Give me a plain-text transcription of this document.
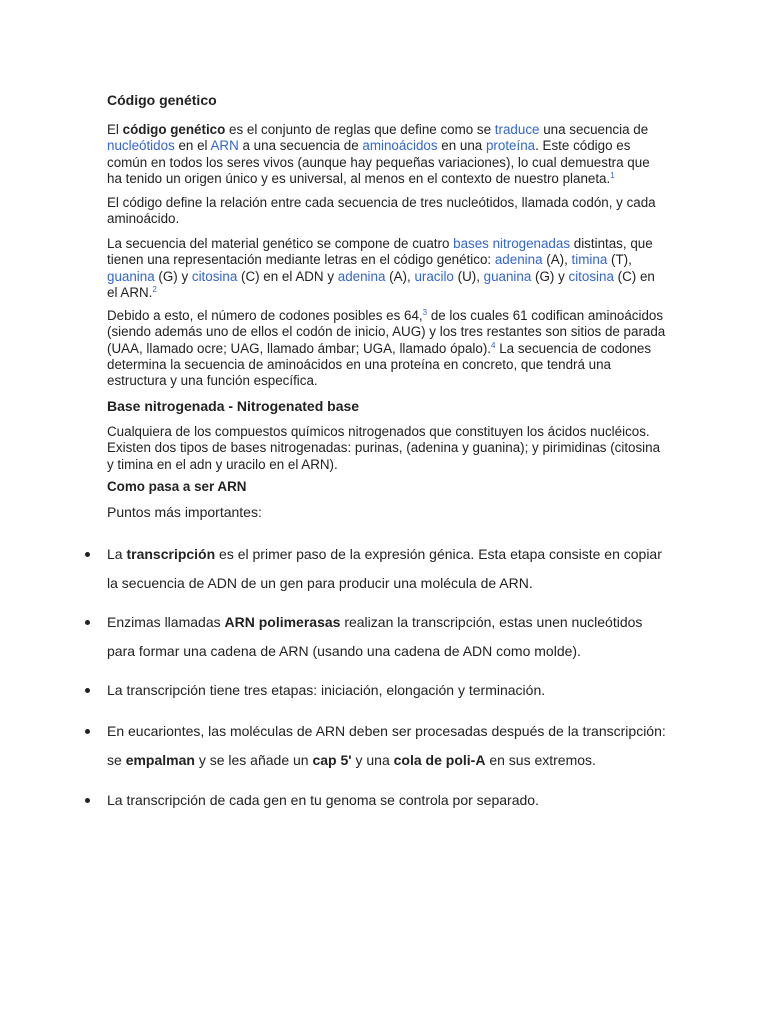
Código genético

El código genético es el conjunto de reglas que define como se traduce una secuencia de nucleótidos en el ARN a una secuencia de aminoácidos en una proteína. Este código es común en todos los seres vivos (aunque hay pequeñas variaciones), lo cual demuestra que ha tenido un origen único y es universal, al menos en el contexto de nuestro planeta.$^1$

El código define la relación entre cada secuencia de tres nucleótidos, llamada codón, y cada aminoácido.

La secuencia del material genético se compone de cuatro bases nitrogenadas distintas, que tienen una representación mediante letras en el código genético: adenina (A), timina (T), guanina (G) y citosina (C) en el ADN y adenina (A), uracilo (U), guanina (G) y citosina (C) en el ARN.$^2$

Debido a esto, el número de codones posibles es 64,$^3$ de los cuales 61 codifican aminoácidos (siendo además uno de ellos el codón de inicio, AUG) y los tres restantes son sitios de parada (UAA, llamado ocre; UAG, llamado ámbar; UGA, llamado ópalo).$^4$ La secuencia de codones determina la secuencia de aminoácidos en una proteína en concreto, que tendrá una estructura y una función específica.

Base nitrogenada - Nitrogenated base

Cualquiera de los compuestos químicos nitrogenados que constituyen los ácidos nucléicos. Existen dos tipos de bases nitrogenadas: purinas, (adenina y guanina); y pirimidinas (citosina y timina en el adn y uracilo en el ARN).

Como pasa a ser ARN

Puntos más importantes:

La transcripción es el primer paso de la expresión génica. Esta etapa consiste en copiar la secuencia de ADN de un gen para producir una molécula de ARN.
Enzimas llamadas ARN polimerasas realizan la transcripción, estas unen nucleótidos para formar una cadena de ARN (usando una cadena de ADN como molde).
La transcripción tiene tres etapas: iniciación, elongación y terminación.
En eucariontes, las moléculas de ARN deben ser procesadas después de la transcripción: se empalman y se les añade un cap 5' y una cola de poli-A en sus extremos.
La transcripción de cada gen en tu genoma se controla por separado.
